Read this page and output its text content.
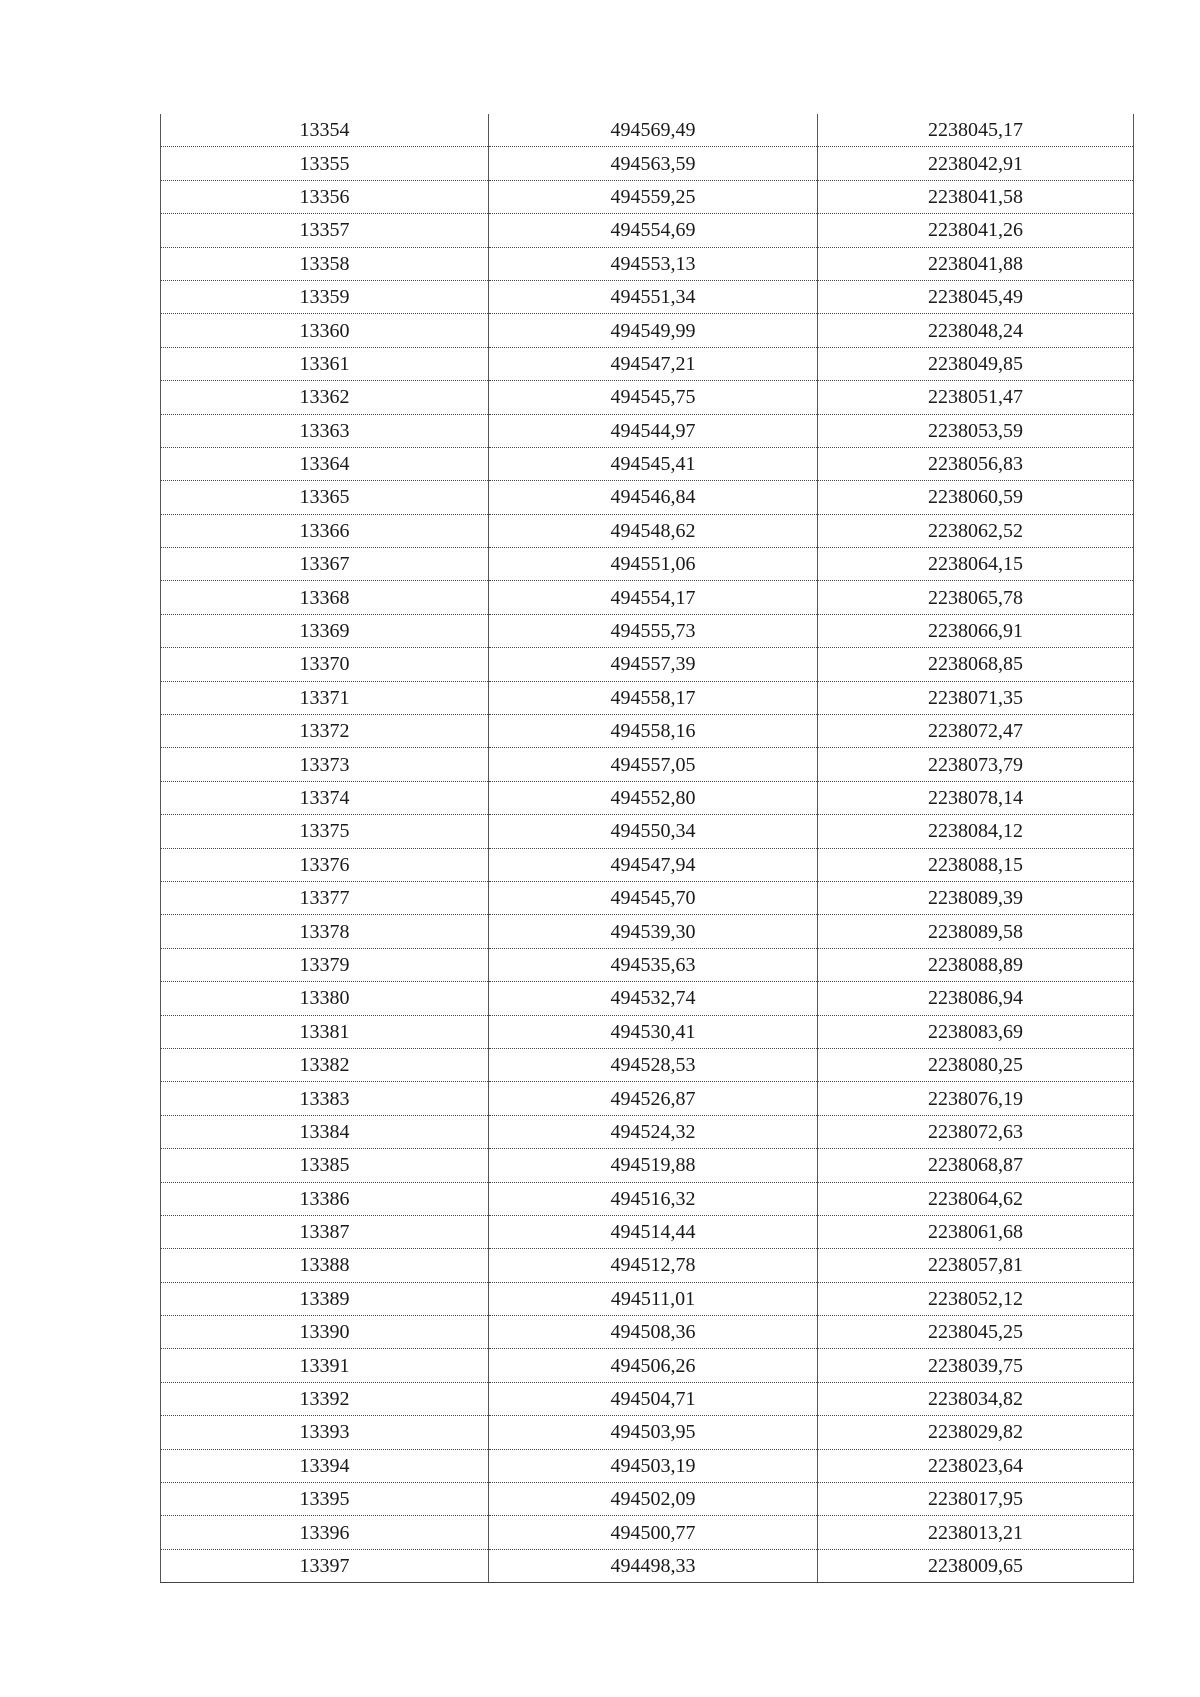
13354	494569,49	2238045,17
13355	494563,59	2238042,91
13356	494559,25	2238041,58
13357	494554,69	2238041,26
13358	494553,13	2238041,88
13359	494551,34	2238045,49
13360	494549,99	2238048,24
13361	494547,21	2238049,85
13362	494545,75	2238051,47
13363	494544,97	2238053,59
13364	494545,41	2238056,83
13365	494546,84	2238060,59
13366	494548,62	2238062,52
13367	494551,06	2238064,15
13368	494554,17	2238065,78
13369	494555,73	2238066,91
13370	494557,39	2238068,85
13371	494558,17	2238071,35
13372	494558,16	2238072,47
13373	494557,05	2238073,79
13374	494552,80	2238078,14
13375	494550,34	2238084,12
13376	494547,94	2238088,15
13377	494545,70	2238089,39
13378	494539,30	2238089,58
13379	494535,63	2238088,89
13380	494532,74	2238086,94
13381	494530,41	2238083,69
13382	494528,53	2238080,25
13383	494526,87	2238076,19
13384	494524,32	2238072,63
13385	494519,88	2238068,87
13386	494516,32	2238064,62
13387	494514,44	2238061,68
13388	494512,78	2238057,81
13389	494511,01	2238052,12
13390	494508,36	2238045,25
13391	494506,26	2238039,75
13392	494504,71	2238034,82
13393	494503,95	2238029,82
13394	494503,19	2238023,64
13395	494502,09	2238017,95
13396	494500,77	2238013,21
13397	494498,33	2238009,65
